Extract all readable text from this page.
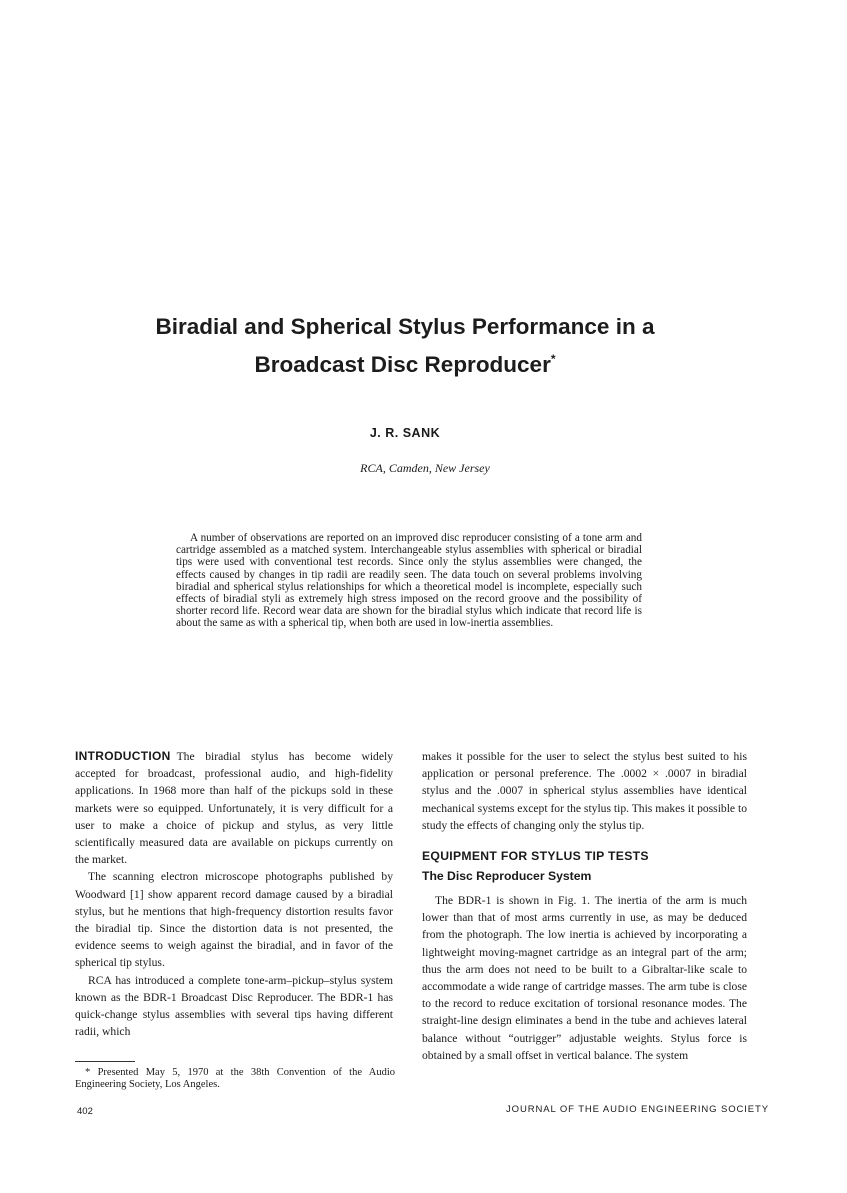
Biradial and Spherical Stylus Performance in a
Broadcast Disc Reproducer*
J. R. SANK
RCA, Camden, New Jersey

A number of observations are reported on an improved disc reproducer consisting of a tone arm and cartridge assembled as a matched system. Interchangeable stylus assemblies with spherical or biradial tips were used with conventional test records. Since only the stylus assemblies were changed, the effects caused by changes in tip radii are readily seen. The data touch on several problems involving biradial and spherical stylus relationships for which a theoretical model is incomplete, especially such effects of biradial styli as extremely high stress imposed on the record groove and the possibility of shorter record life. Record wear data are shown for the biradial stylus which indicate that record life is about the same as with a spherical tip, when both are used in low-inertia assemblies.

INTRODUCTION The biradial stylus has become widely accepted for broadcast, professional audio, and high-fidelity applications. In 1968 more than half of the pickups sold in these markets were so equipped. Unfortunately, it is very difficult for a user to make a choice of pickup and stylus, as very little scientifically measured data are available on pickups currently on the market.

The scanning electron microscope photographs published by Woodward [1] show apparent record damage caused by a biradial stylus, but he mentions that high-frequency distortion results favor the biradial tip. Since the distortion data is not presented, the evidence seems to weigh against the biradial, and in favor of the spherical tip stylus.

RCA has introduced a complete tone-arm–pickup–stylus system known as the BDR-1 Broadcast Disc Reproducer. The BDR-1 has quick-change stylus assemblies with several tips having different radii, which

makes it possible for the user to select the stylus best suited to his application or personal preference. The .0002 × .0007 in biradial stylus and the .0007 in spherical stylus assemblies have identical mechanical systems except for the stylus tip. This makes it possible to study the effects of changing only the stylus tip.

EQUIPMENT FOR STYLUS TIP TESTS
The Disc Reproducer System

The BDR-1 is shown in Fig. 1. The inertia of the arm is much lower than that of most arms currently in use, as may be deduced from the photograph. The low inertia is achieved by incorporating a lightweight moving-magnet cartridge as an integral part of the arm; thus the arm does not need to be built to a Gibraltar-like scale to accommodate a wide range of cartridge masses. The arm tube is close to the record to reduce excitation of torsional resonance modes. The straight-line design eliminates a bend in the tube and achieves lateral balance without “outrigger” adjustable weights. Stylus force is obtained by a small offset in vertical balance. The system

* Presented May 5, 1970 at the 38th Convention of the Audio Engineering Society, Los Angeles.
402	JOURNAL OF THE AUDIO ENGINEERING SOCIETY
